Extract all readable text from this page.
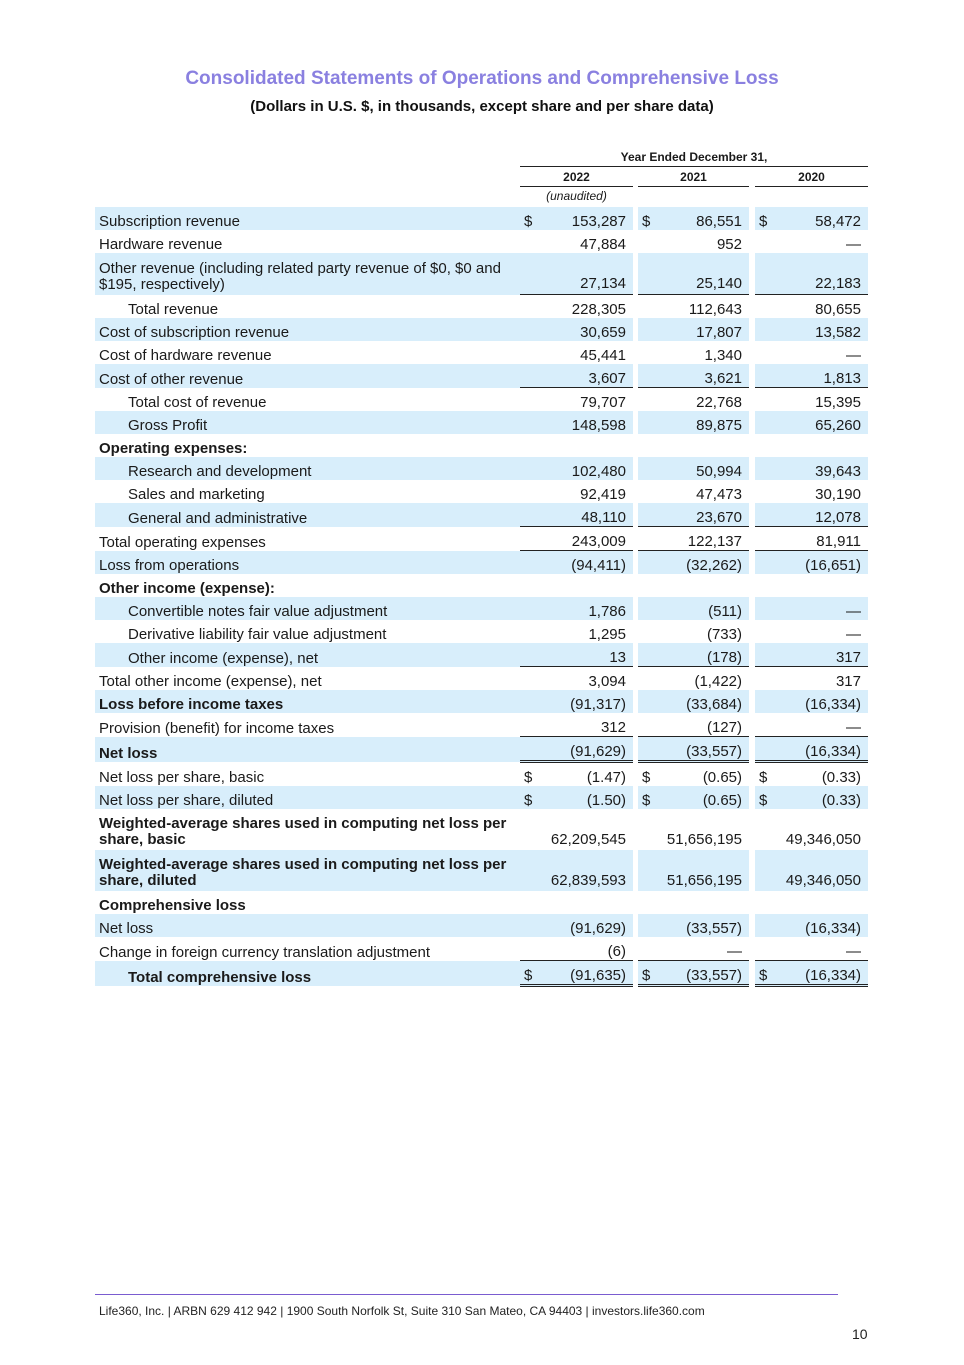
Consolidated Statements of Operations and Comprehensive Loss
(Dollars in U.S. $, in thousands, except share and per share data)
Year Ended December 31,
2022	2021	2020
(unaudited)
Subscription revenue	$	153,287		$	86,551		$	58,472
Hardware revenue		47,884			952			—
Other revenue (including related party revenue of $0, $0 and $195, respectively)		27,134			25,140			22,183
Total revenue		228,305			112,643			80,655
Cost of subscription revenue		30,659			17,807			13,582
Cost of hardware revenue		45,441			1,340			—
Cost of other revenue		3,607			3,621			1,813
Total cost of revenue		79,707			22,768			15,395
Gross Profit		148,598			89,875			65,260
Operating expenses:								
Research and development		102,480			50,994			39,643
Sales and marketing		92,419			47,473			30,190
General and administrative		48,110			23,670			12,078
Total operating expenses		243,009			122,137			81,911
Loss from operations		(94,411)			(32,262)			(16,651)
Other income (expense):								
Convertible notes fair value adjustment		1,786			(511)			—
Derivative liability fair value adjustment		1,295			(733)			—
Other income (expense), net		13			(178)			317
Total other income (expense), net		3,094			(1,422)			317
Loss before income taxes		(91,317)			(33,684)			(16,334)
Provision (benefit) for income taxes		312			(127)			—
Net loss		(91,629)			(33,557)			(16,334)
Net loss per share, basic	$	(1.47)		$	(0.65)		$	(0.33)
Net loss per share, diluted	$	(1.50)		$	(0.65)		$	(0.33)
Weighted-average shares used in computing net loss per share, basic		62,209,545			51,656,195			49,346,050
Weighted-average shares used in computing net loss per share, diluted		62,839,593			51,656,195			49,346,050
Comprehensive loss								
Net loss		(91,629)			(33,557)			(16,334)
Change in foreign currency translation adjustment		(6)			—			—
Total comprehensive loss	$	(91,635)		$	(33,557)		$	(16,334)
Life360, Inc. | ARBN 629 412 942 | 1900 South Norfolk St, Suite 310 San Mateo, CA 94403 | investors.life360.com
10
